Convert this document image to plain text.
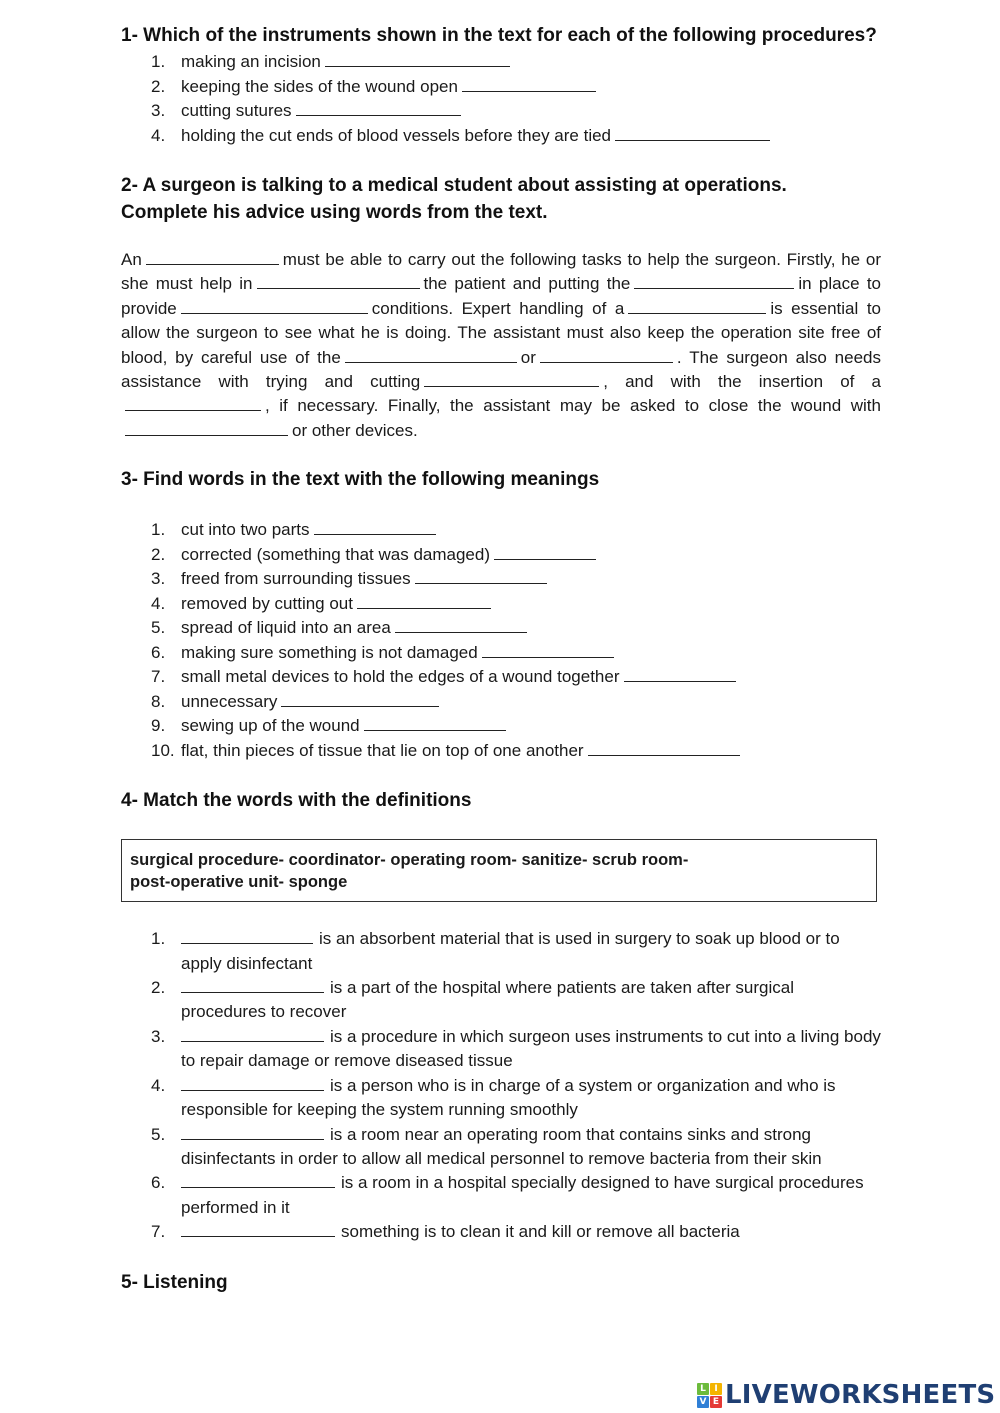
1- Which of the instruments shown in the text for each of the following procedures?
1. making an incision
2. keeping the sides of the wound open
3. cutting sutures
4. holding the cut ends of blood vessels before they are tied
2- A surgeon is talking to a medical student about assisting at operations.
Complete his advice using words from the text.

An	must be able to carry out the following tasks to help the surgeon. Firstly, he or she must help in	the patient and putting the	in place to provide	conditions. Expert handling of a	is essential to allow the surgeon to see what he is doing. The assistant must also keep the operation site free of blood, by careful use of the	or	. The surgeon also needs assistance with trying and cutting	, and with the insertion of a, if necessary. Finally, the assistant may be asked to close the wound withor other devices.

3- Find words in the text with the following meanings
1. cut into two parts
2. corrected (something that was damaged)
3. freed from surrounding tissues
4. removed by cutting out
5. spread of liquid into an area
6. making sure something is not damaged
7. small metal devices to hold the edges of a wound together
8. unnecessary
9. sewing up of the wound
10. flat, thin pieces of tissue that lie on top of one another
4- Match the words with the definitions
surgical procedure- coordinator- operating room- sanitize- scrub room-
post-operative unit- sponge
1.	is an absorbent material that is used in surgery to soak up blood or to apply disinfectant
2.	is a part of the hospital where patients are taken after surgical procedures to recover
3.	is a procedure in which surgeon uses instruments to cut into a living body to repair damage or remove diseased tissue
4.	is a person who is in charge of a system or organization and who is responsible for keeping the system running smoothly
5.	is a room near an operating room that contains sinks and strong disinfectants in order to allow all medical personnel to remove bacteria from their skin
6.	is a room in a hospital specially designed to have surgical procedures performed in it
7.	something is to clean it and kill or remove all bacteria
5- Listening
L I
V E LIVEWORKSHEETS
